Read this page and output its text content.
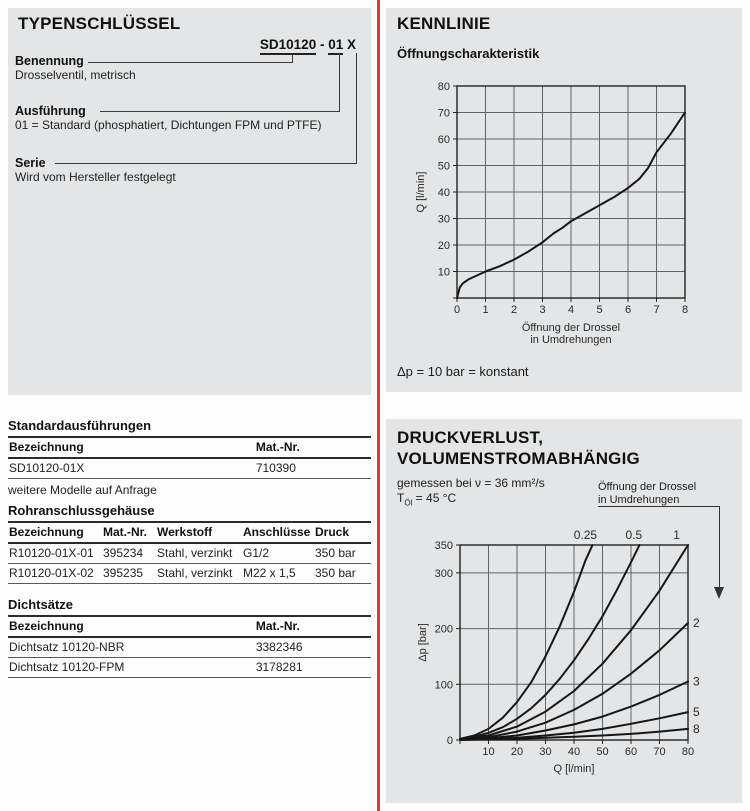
TYPENSCHLÜSSEL
SD10120 - 01 X
Benennung
Drosselventil, metrisch
Ausführung
01 = Standard (phosphatiert, Dichtungen FPM und PTFE)
Serie
Wird vom Hersteller festgelegt
Standardausführungen
Bezeichnung	Mat.-Nr.
SD10120-01X	710390
weitere Modelle auf Anfrage
Rohranschlussgehäuse
Bezeichnung	Mat.-Nr.	Werkstoff	Anschlüsse	Druck
R10120-01X-01	395234	Stahl, verzinkt	G1/2	350 bar
R10120-01X-02	395235	Stahl, verzinkt	M22 x 1,5	350 bar
Dichtsätze
Bezeichnung	Mat.-Nr.
Dichtsatz 10120-NBR	3382346
Dichtsatz 10120-FPM	3178281
KENNLINIE
Öffnungscharakteristik
0 1 2 3 4 5 6 7 8
10
20
30
40
50
60
70
80
Q [l/min]
Öffnung der Drossel
in Umdrehungen
Δp = 10 bar = konstant
DRUCKVERLUST,
VOLUMENSTROMABHÄNGIG
gemessen bei ν = 36 mm²/s
$T_{Öl} = 45$ °C
Öffnung der Drossel
in Umdrehungen
10 20 30 40 50 60 70 80
0
100
200
300
350
0.25 0.5	1
2
3
5
8
Δp [bar]
Q [l/min]
